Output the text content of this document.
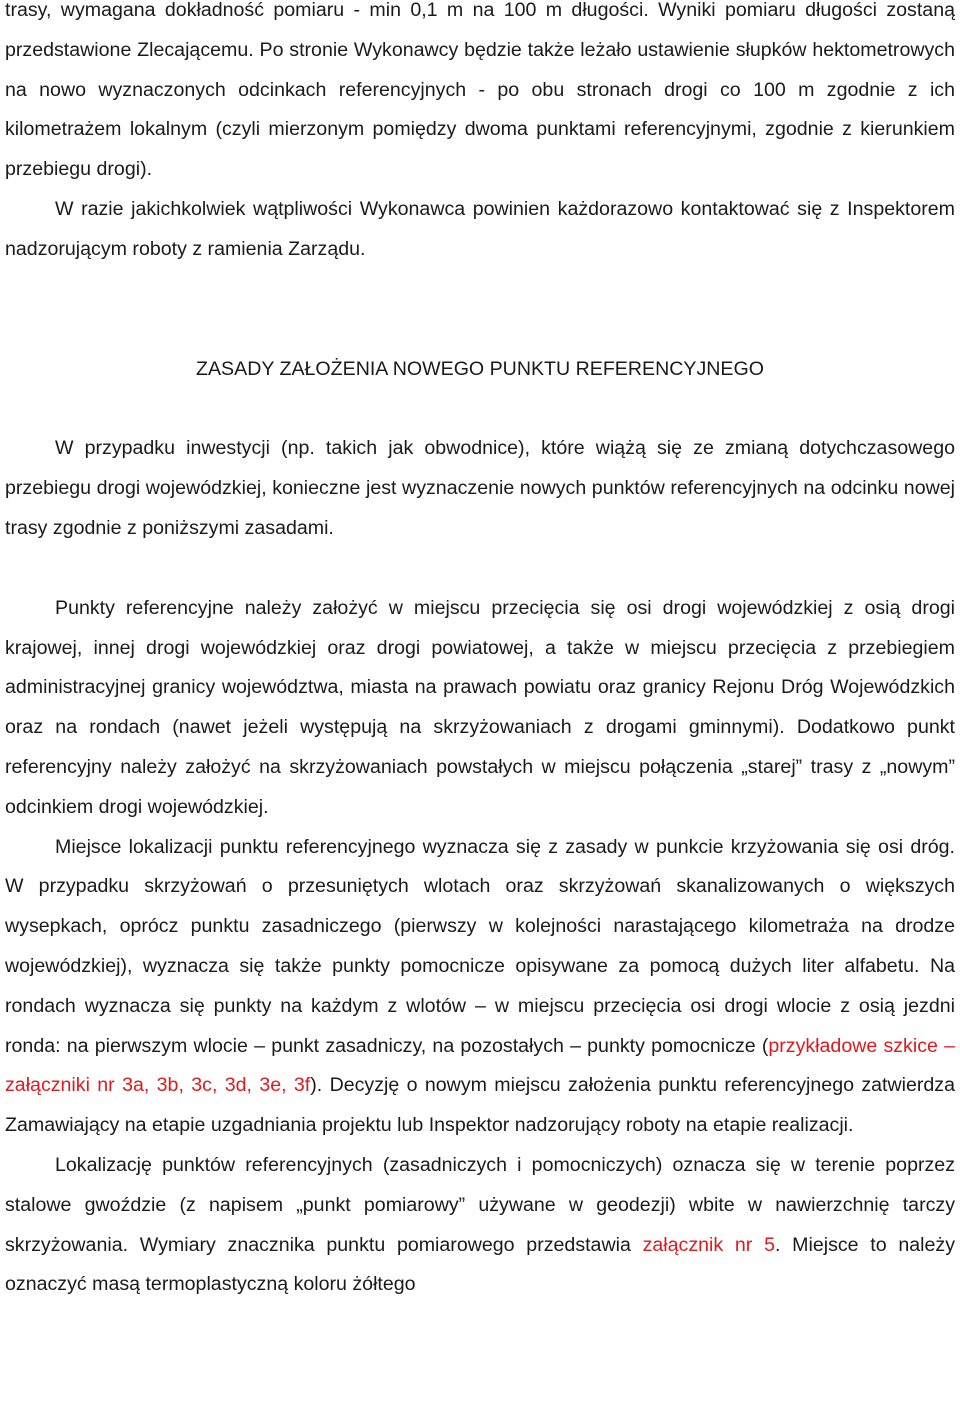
trasy, wymagana dokładność pomiaru - min 0,1 m na 100 m długości. Wyniki pomiaru długości zostaną przedstawione Zlecającemu. Po stronie Wykonawcy będzie także leżało ustawienie słupków hektometrowych na nowo wyznaczonych odcinkach referencyjnych - po obu stronach drogi co 100 m zgodnie z ich kilometrażem lokalnym (czyli mierzonym pomiędzy dwoma punktami referencyjnymi, zgodnie z kierunkiem przebiegu drogi).

W razie jakichkolwiek wątpliwości Wykonawca powinien każdorazowo kontaktować się z Inspektorem nadzorującym roboty z ramienia Zarządu.

ZASADY ZAŁOŻENIA NOWEGO PUNKTU REFERENCYJNEGO

W przypadku inwestycji (np. takich jak obwodnice), które wiążą się ze zmianą dotychczasowego przebiegu drogi wojewódzkiej, konieczne jest wyznaczenie nowych punktów referencyjnych na odcinku nowej trasy zgodnie z poniższymi zasadami.

Punkty referencyjne należy założyć w miejscu przecięcia się osi drogi wojewódzkiej z osią drogi krajowej, innej drogi wojewódzkiej oraz drogi powiatowej, a także w miejscu przecięcia z przebiegiem administracyjnej granicy województwa, miasta na prawach powiatu oraz granicy Rejonu Dróg Wojewódzkich oraz na rondach (nawet jeżeli występują na skrzyżowaniach z drogami gminnymi). Dodatkowo punkt referencyjny należy założyć na skrzyżowaniach powstałych w miejscu połączenia „starej” trasy z „nowym” odcinkiem drogi wojewódzkiej.

Miejsce lokalizacji punktu referencyjnego wyznacza się z zasady w punkcie krzyżowania się osi dróg. W przypadku skrzyżowań o przesuniętych wlotach oraz skrzyżowań skanalizowanych o większych wysepkach, oprócz punktu zasadniczego (pierwszy w kolejności narastającego kilometraża na drodze wojewódzkiej), wyznacza się także punkty pomocnicze opisywane za pomocą dużych liter alfabetu. Na rondach wyznacza się punkty na każdym z wlotów – w miejscu przecięcia osi drogi wlocie z osią jezdni ronda: na pierwszym wlocie – punkt zasadniczy, na pozostałych – punkty pomocnicze (przykładowe szkice – załączniki nr 3a, 3b, 3c, 3d, 3e, 3f). Decyzję o nowym miejscu założenia punktu referencyjnego zatwierdza Zamawiający na etapie uzgadniania projektu lub Inspektor nadzorujący roboty na etapie realizacji.

Lokalizację punktów referencyjnych (zasadniczych i pomocniczych) oznacza się w terenie poprzez stalowe gwoździe (z napisem „punkt pomiarowy” używane w geodezji) wbite w nawierzchnię tarczy skrzyżowania. Wymiary znacznika punktu pomiarowego przedstawia załącznik nr 5. Miejsce to należy oznaczyć masą termoplastyczną koloru żółtego
